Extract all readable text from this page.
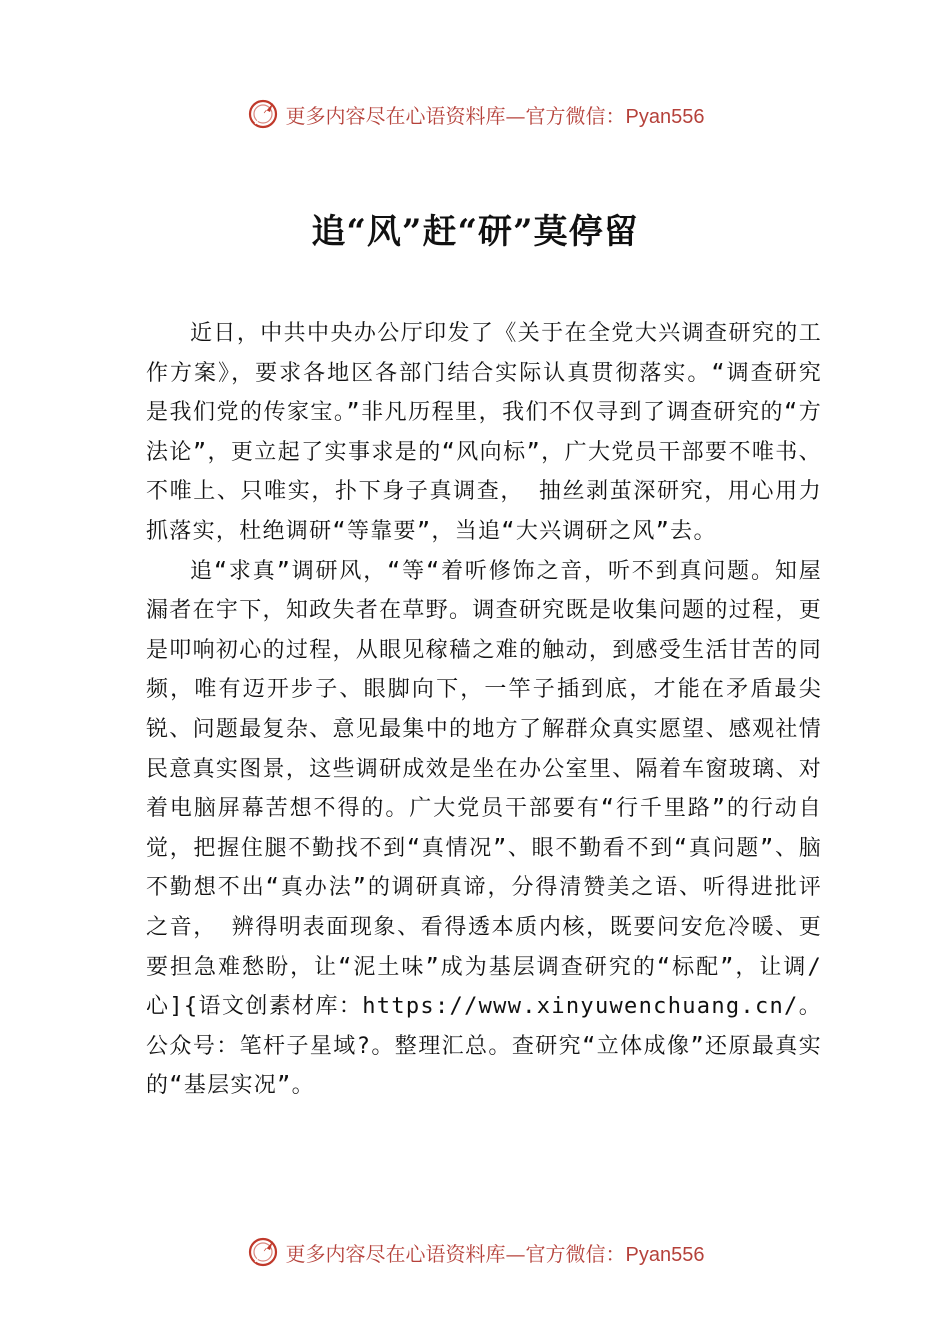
更多内容尽在心语资料库—官方微信：Pyan556
追“风”赶“研”莫停留

近日，中共中央办公厅印发了《关于在全党大兴调查研究的工作方案》，要求各地区各部门结合实际认真贯彻落实。“调查研究是我们党的传家宝。”非凡历程里，我们不仅寻到了调查研究的“方法论”，更立起了实事求是的“风向标”，广大党员干部要不唯书、不唯上、只唯实，扑下身子真调查， 抽丝剥茧深研究，用心用力抓落实，杜绝调研“等靠要”，当追“大兴调研之风”去。

追“求真”调研风，“等“着听修饰之音，听不到真问题。知屋漏者在宇下，知政失者在草野。调查研究既是收集问题的过程，更是叩响初心的过程，从眼见稼穑之难的触动，到感受生活甘苦的同频，唯有迈开步子、眼脚向下，一竿子插到底，才能在矛盾最尖锐、问题最复杂、意见最集中的地方了解群众真实愿望、感观社情民意真实图景，这些调研成效是坐在办公室里、隔着车窗玻璃、对着电脑屏幕苦想不得的。广大党员干部要有“行千里路”的行动自觉，把握住腿不勤找不到“真情况”、眼不勤看不到“真问题”、脑不勤想不出“真办法”的调研真谛，分得清赞美之语、听得进批评之音， 辨得明表面现象、看得透本质内核，既要问安危冷暖、更要担急难愁盼，让“泥土味”成为基层调查研究的“标配”，让调/心]{语文创素材库：https://www.xinyuwenchuang.cn/。公众号：笔杆子星域?。整理汇总。查研究“立体成像”还原最真实的“基层实况”。

更多内容尽在心语资料库—官方微信：Pyan556
